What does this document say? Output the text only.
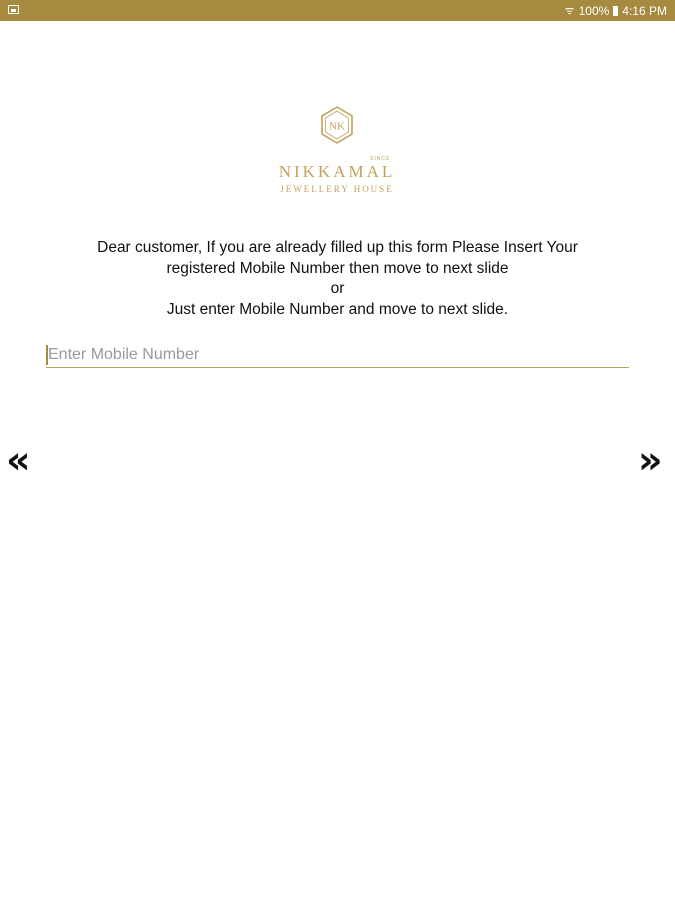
ᯤ 100% 4:16 PM
NK
SINCE
NIKKAMAL
JEWELLERY HOUSE
Dear customer, If you are already filled up this form Please Insert Your
registered Mobile Number then move to next slide
or
Just enter Mobile Number and move to next slide.
Enter Mobile Number
«	»
